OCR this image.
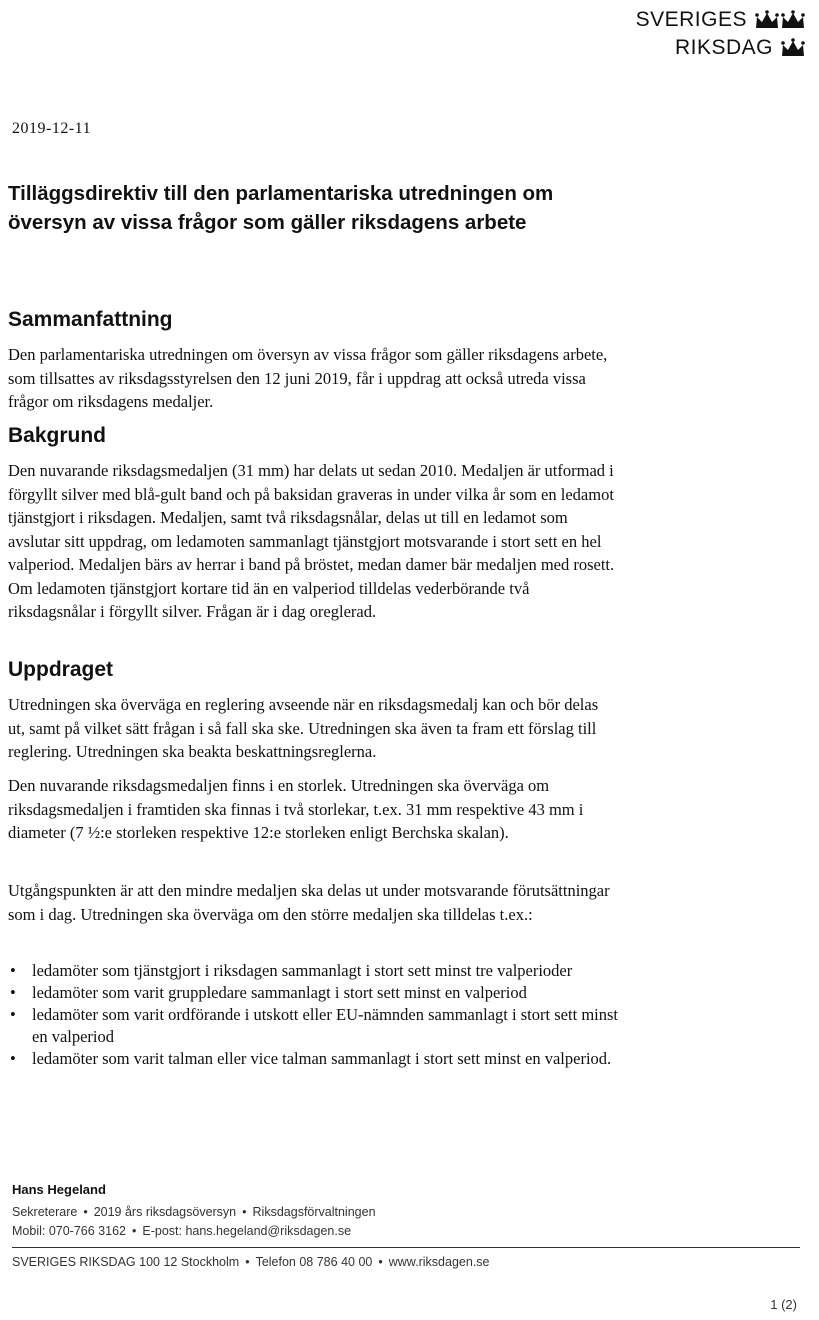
SVERIGES
RIKSDAG
2019-12-11
Tilläggsdirektiv till den parlamentariska utredningen om översyn av vissa frågor som gäller riksdagens arbete
Sammanfattning

Den parlamentariska utredningen om översyn av vissa frågor som gäller riksdagens arbete, som tillsattes av riksdagsstyrelsen den 12 juni 2019, får i uppdrag att också utreda vissa frågor om riksdagens medaljer.

Bakgrund

Den nuvarande riksdagsmedaljen (31 mm) har delats ut sedan 2010. Medaljen är utformad i förgyllt silver med blå-gult band och på baksidan graveras in under vilka år som en ledamot tjänstgjort i riksdagen. Medaljen, samt två riksdagsnålar, delas ut till en ledamot som avslutar sitt uppdrag, om ledamoten sammanlagt tjänstgjort motsvarande i stort sett en hel valperiod. Medaljen bärs av herrar i band på bröstet, medan damer bär medaljen med rosett. Om ledamoten tjänstgjort kortare tid än en valperiod tilldelas vederbörande två riksdagsnålar i förgyllt silver. Frågan är i dag oreglerad.

Uppdraget

Utredningen ska överväga en reglering avseende när en riksdagsmedalj kan och bör delas ut, samt på vilket sätt frågan i så fall ska ske. Utredningen ska även ta fram ett förslag till reglering. Utredningen ska beakta beskattningsreglerna.

Den nuvarande riksdagsmedaljen finns i en storlek. Utredningen ska överväga om riksdagsmedaljen i framtiden ska finnas i två storlekar, t.ex. 31 mm respektive 43 mm i diameter (7 ½:e storleken respektive 12:e storleken enligt Berchska skalan).

Utgångspunkten är att den mindre medaljen ska delas ut under motsvarande förutsättningar som i dag. Utredningen ska överväga om den större medaljen ska tilldelas t.ex.:

• ledamöter som tjänstgjort i riksdagen sammanlagt i stort sett minst tre valperioder
• ledamöter som varit gruppledare sammanlagt i stort sett minst en valperiod
• ledamöter som varit ordförande i utskott eller EU-nämnden sammanlagt i stort sett minst en valperiod
• ledamöter som varit talman eller vice talman sammanlagt i stort sett minst en valperiod.
Hans Hegeland
Sekreterare • 2019 års riksdagsöversyn • Riksdagsförvaltningen
Mobil: 070-766 3162 • E-post: hans.hegeland@riksdagen.se
SVERIGES RIKSDAG 100 12 Stockholm • Telefon 08 786 40 00 • www.riksdagen.se
1 (2)
